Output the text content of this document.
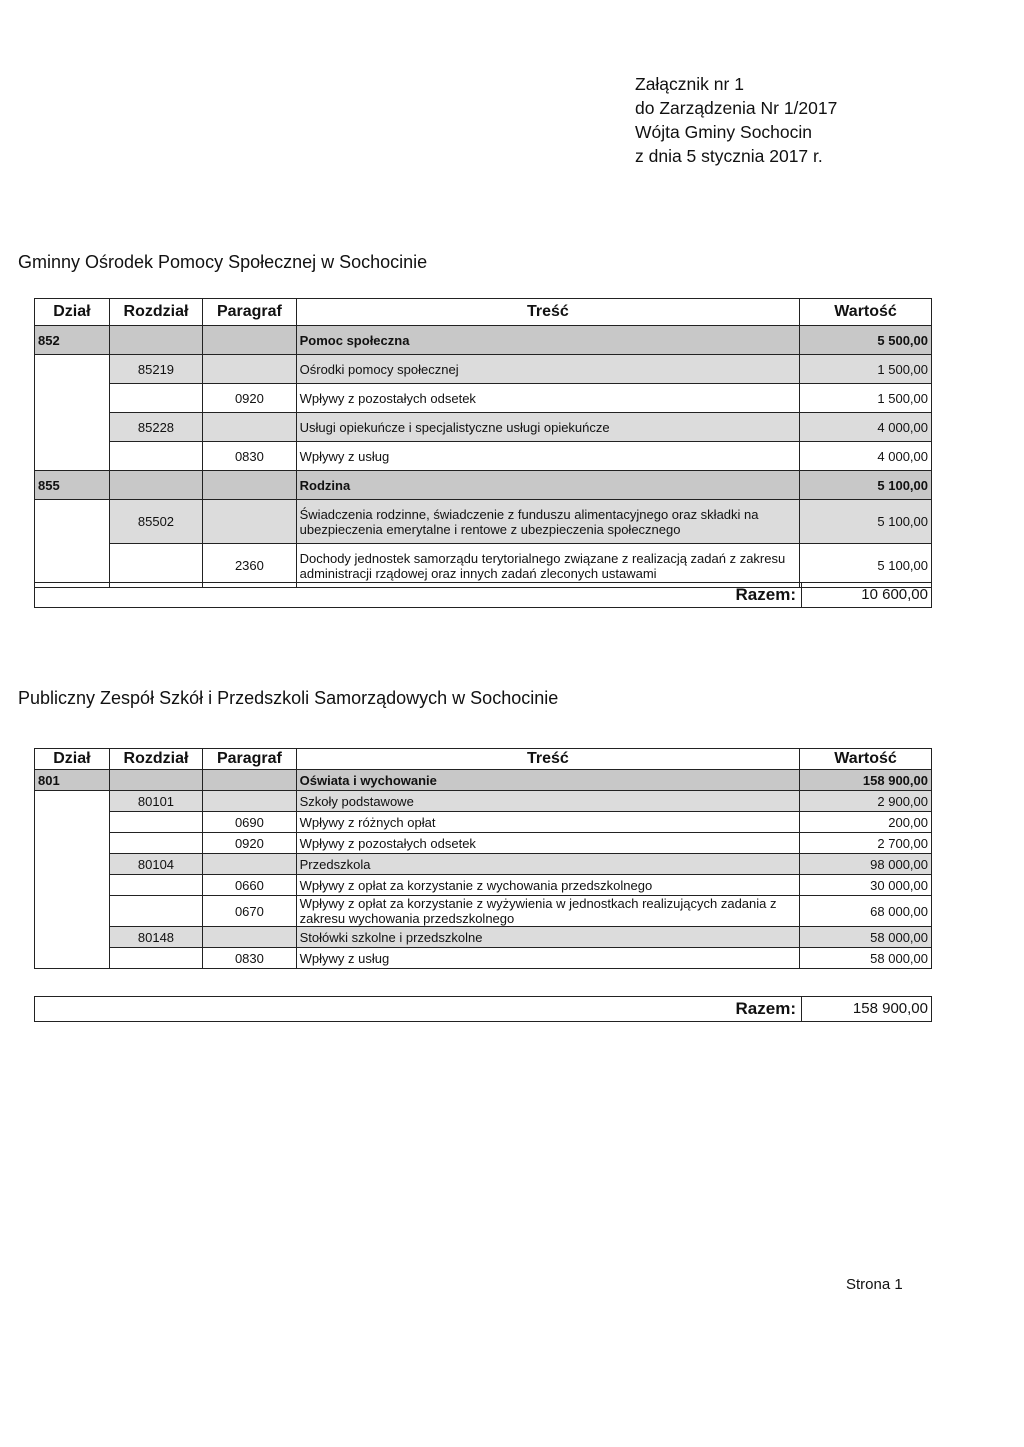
Załącznik nr 1
do Zarządzenia Nr 1/2017
Wójta Gminy Sochocin
z dnia 5 stycznia 2017 r.
Gminny Ośrodek Pomocy Społecznej w Sochocinie
Dział	Rozdział	Paragraf	Treść	Wartość
852			Pomoc społeczna	5 500,00
	85219		Ośrodki pomocy społecznej	1 500,00
		0920	Wpływy z pozostałych odsetek	1 500,00
	85228		Usługi opiekuńcze i specjalistyczne usługi opiekuńcze	4 000,00
		0830	Wpływy z usług	4 000,00
855			Rodzina	5 100,00
	85502		Świadczenia rodzinne, świadczenie z funduszu alimentacyjnego oraz składki na ubezpieczenia emerytalne i rentowe z ubezpieczenia społecznego	5 100,00
		2360	Dochody jednostek samorządu terytorialnego związane z realizacją zadań z zakresu administracji rządowej oraz innych zadań zleconych ustawami	5 100,00
Razem:	10 600,00
Publiczny Zespół Szkół i Przedszkoli Samorządowych w Sochocinie
Dział	Rozdział	Paragraf	Treść	Wartość
801			Oświata i wychowanie	158 900,00
	80101		Szkoły podstawowe	2 900,00
		0690	Wpływy z różnych opłat	200,00
		0920	Wpływy z pozostałych odsetek	2 700,00
	80104		Przedszkola	98 000,00
		0660	Wpływy z opłat za korzystanie z wychowania przedszkolnego	30 000,00
		0670	Wpływy z opłat za korzystanie z wyżywienia w jednostkach realizujących zadania z zakresu wychowania przedszkolnego	68 000,00
	80148		Stołówki szkolne i przedszkolne	58 000,00
		0830	Wpływy z usług	58 000,00
Razem:	158 900,00
Strona 1
